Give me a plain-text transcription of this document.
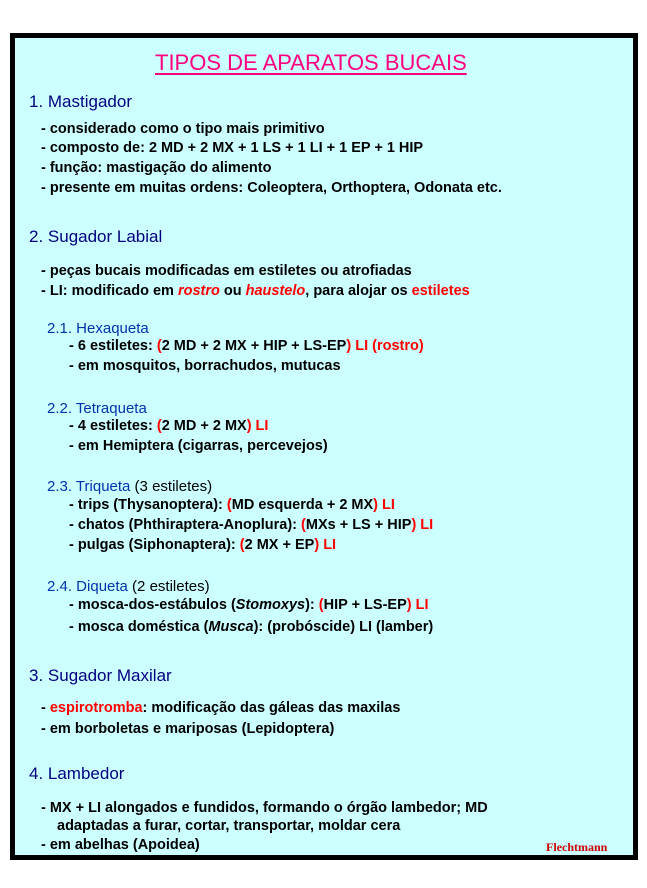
TIPOS DE APARATOS BUCAIS
1. Mastigador
- considerado como o tipo mais primitivo
- composto de: 2 MD + 2 MX + 1 LS + 1 LI + 1 EP + 1 HIP
- função: mastigação do alimento
- presente em muitas ordens: Coleoptera, Orthoptera, Odonata etc.
2. Sugador Labial
- peças bucais modificadas em estiletes ou atrofiadas
- LI: modificado em rostro ou haustelo, para alojar os estiletes
2.1. Hexaqueta
- 6 estiletes: (2 MD + 2 MX + HIP + LS-EP) LI (rostro)
- em mosquitos, borrachudos, mutucas
2.2. Tetraqueta
- 4 estiletes: (2 MD + 2 MX) LI
- em Hemiptera (cigarras, percevejos)
2.3. Triqueta (3 estiletes)
- trips (Thysanoptera): (MD esquerda + 2 MX) LI
- chatos (Phthiraptera-Anoplura): (MXs + LS + HIP) LI
- pulgas (Siphonaptera): (2 MX + EP) LI
2.4. Diqueta (2 estiletes)
- mosca-dos-estábulos (Stomoxys): (HIP + LS-EP) LI
- mosca doméstica (Musca): (probóscide) LI (lamber)
3. Sugador Maxilar
- espirotromba: modificação das gáleas das maxilas
- em borboletas e mariposas (Lepidoptera)
4. Lambedor
- MX + LI alongados e fundidos, formando o órgão lambedor; MD
adaptadas a furar, cortar, transportar, moldar cera
- em abelhas (Apoidea)	Flechtmann
